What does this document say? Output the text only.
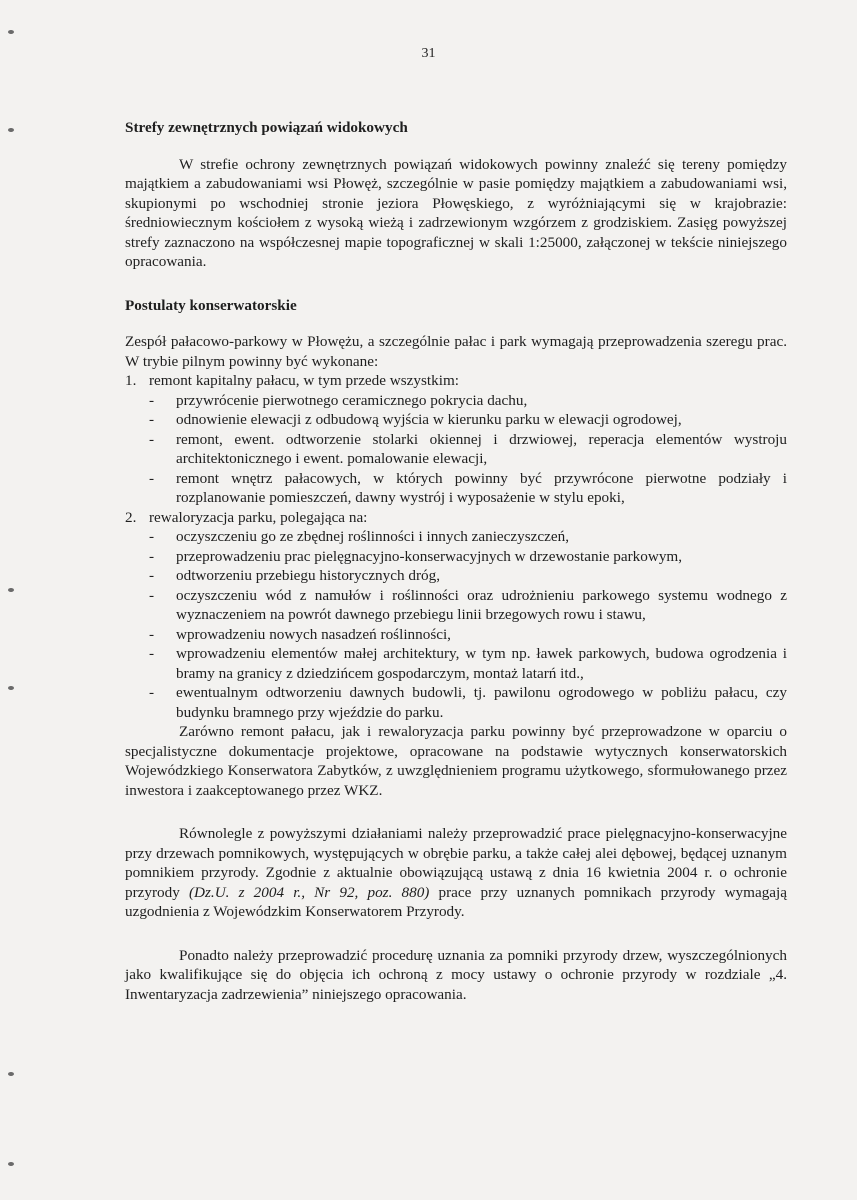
31
Strefy zewnętrznych powiązań widokowych

W strefie ochrony zewnętrznych powiązań widokowych powinny znaleźć się tereny pomiędzy majątkiem a zabudowaniami wsi Płowęż, szczególnie w pasie pomiędzy majątkiem a zabudowaniami wsi, skupionymi po wschodniej stronie jeziora Płowęskiego, z wyróżniającymi się w krajobrazie: średniowiecznym kościołem z wysoką wieżą i zadrzewionym wzgórzem z grodziskiem. Zasięg powyższej strefy zaznaczono na współczesnej mapie topograficznej w skali 1:25000, załączonej w tekście niniejszego opracowania.

Postulaty konserwatorskie

Zespół pałacowo-parkowy w Płowężu, a szczególnie pałac i park wymagają przeprowadzenia szeregu prac. W trybie pilnym powinny być wykonane:

1. remont kapitalny pałacu, w tym przede wszystkim:
- przywrócenie pierwotnego ceramicznego pokrycia dachu,
- odnowienie elewacji z odbudową wyjścia w kierunku parku w elewacji ogrodowej,
- remont, ewent. odtworzenie stolarki okiennej i drzwiowej, reperacja elementów wystroju architektonicznego i ewent. pomalowanie elewacji,
- remont wnętrz pałacowych, w których powinny być przywrócone pierwotne podziały i rozplanowanie pomieszczeń, dawny wystrój i wyposażenie w stylu epoki,
2. rewaloryzacja parku, polegająca na:
- oczyszczeniu go ze zbędnej roślinności i innych zanieczyszczeń,
- przeprowadzeniu prac pielęgnacyjno-konserwacyjnych w drzewostanie parkowym,
- odtworzeniu przebiegu historycznych dróg,
- oczyszczeniu wód z namułów i roślinności oraz udrożnieniu parkowego systemu wodnego z wyznaczeniem na powrót dawnego przebiegu linii brzegowych rowu i stawu,
- wprowadzeniu nowych nasadzeń roślinności,
- wprowadzeniu elementów małej architektury, w tym np. ławek parkowych, budowa ogrodzenia i bramy na granicy z dziedzińcem gospodarczym, montaż latarń itd.,
- ewentualnym odtworzeniu dawnych budowli, tj. pawilonu ogrodowego w pobliżu pałacu, czy budynku bramnego przy wjeździe do parku.

Zarówno remont pałacu, jak i rewaloryzacja parku powinny być przeprowadzone w oparciu o specjalistyczne dokumentacje projektowe, opracowane na podstawie wytycznych konserwatorskich Wojewódzkiego Konserwatora Zabytków, z uwzględnieniem programu użytkowego, sformułowanego przez inwestora i zaakceptowanego przez WKZ.

Równolegle z powyższymi działaniami należy przeprowadzić prace pielęgnacyjno-konserwacyjne przy drzewach pomnikowych, występujących w obrębie parku, a także całej alei dębowej, będącej uznanym pomnikiem przyrody. Zgodnie z aktualnie obowiązującą ustawą z dnia 16 kwietnia 2004 r. o ochronie przyrody (Dz.U. z 2004 r., Nr 92, poz. 880) prace przy uznanych pomnikach przyrody wymagają uzgodnienia z Wojewódzkim Konserwatorem Przyrody.

Ponadto należy przeprowadzić procedurę uznania za pomniki przyrody drzew, wyszczególnionych jako kwalifikujące się do objęcia ich ochroną z mocy ustawy o ochronie przyrody w rozdziale „4. Inwentaryzacja zadrzewienia” niniejszego opracowania.
